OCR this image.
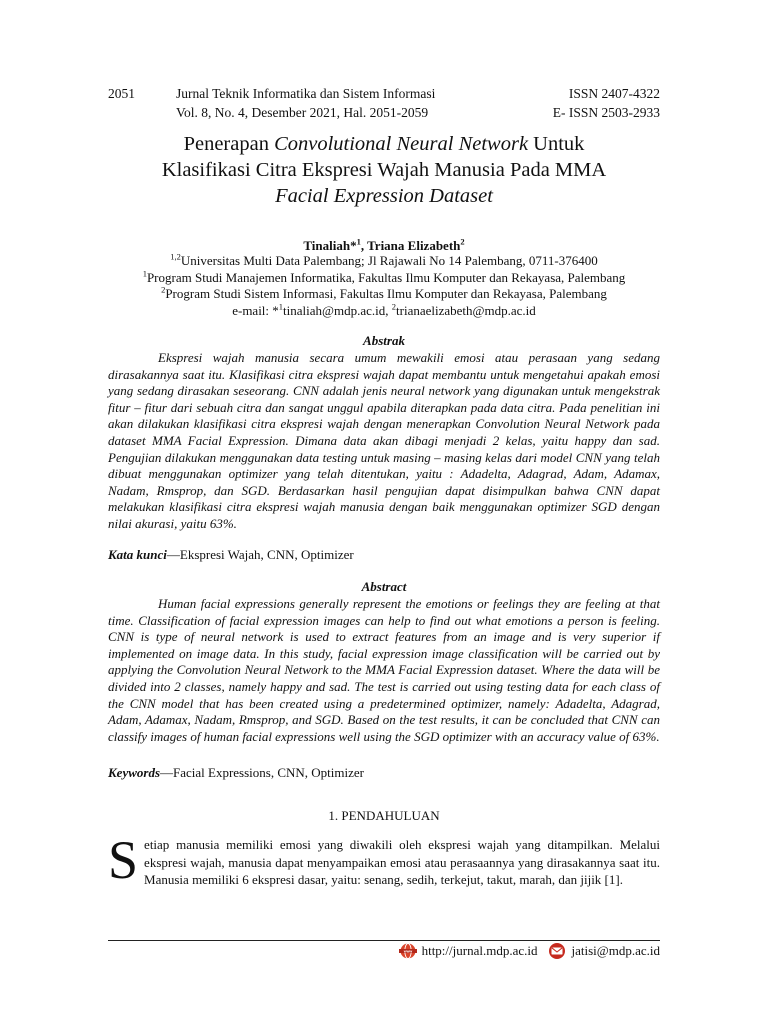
2051	Jurnal Teknik Informatika dan Sistem Informasi
Vol. 8, No. 4, Desember 2021, Hal. 2051-2059
ISSN 2407-4322
E- ISSN 2503-2933
Penerapan Convolutional Neural Network Untuk
Klasifikasi Citra Ekspresi Wajah Manusia Pada MMA
Facial Expression Dataset
Tinaliah*$^1$, Triana Elizabeth$^2$
$^{1,2}$Universitas Multi Data Palembang; Jl Rajawali No 14 Palembang, 0711-376400
$^1$Program Studi Manajemen Informatika, Fakultas Ilmu Komputer dan Rekayasa, Palembang
$^2$Program Studi Sistem Informasi, Fakultas Ilmu Komputer dan Rekayasa, Palembang
e-mail: *$^1$tinaliah@mdp.ac.id, $^2$trianaelizabeth@mdp.ac.id
Abstrak
Ekspresi wajah manusia secara umum mewakili emosi atau perasaan yang sedang dirasakannya saat itu. Klasifikasi citra ekspresi wajah dapat membantu untuk mengetahui apakah emosi yang sedang dirasakan seseorang. CNN adalah jenis neural network yang digunakan untuk mengekstrak fitur – fitur dari sebuah citra dan sangat unggul apabila diterapkan pada data citra. Pada penelitian ini akan dilakukan klasifikasi citra ekspresi wajah dengan menerapkan Convolution Neural Network pada dataset MMA Facial Expression. Dimana data akan dibagi menjadi 2 kelas, yaitu happy dan sad. Pengujian dilakukan menggunakan data testing untuk masing – masing kelas dari model CNN yang telah dibuat menggunakan optimizer yang telah ditentukan, yaitu : Adadelta, Adagrad, Adam, Adamax, Nadam, Rmsprop, dan SGD. Berdasarkan hasil pengujian dapat disimpulkan bahwa CNN dapat melakukan klasifikasi citra ekspresi wajah manusia dengan baik menggunakan optimizer SGD dengan nilai akurasi, yaitu 63%.
Kata kunci—Ekspresi Wajah, CNN, Optimizer
Abstract
Human facial expressions generally represent the emotions or feelings they are feeling at that time. Classification of facial expression images can help to find out what emotions a person is feeling. CNN is type of neural network is used to extract features from an image and is very superior if implemented on image data. In this study, facial expression image classification will be carried out by applying the Convolution Neural Network to the MMA Facial Expression dataset. Where the data will be divided into 2 classes, namely happy and sad. The test is carried out using testing data for each class of the CNN model that has been created using a predetermined optimizer, namely: Adadelta, Adagrad, Adam, Adamax, Nadam, Rmsprop, and SGD. Based on the test results, it can be concluded that CNN can classify images of human facial expressions well using the SGD optimizer with an accuracy value of 63%.
Keywords—Facial Expressions, CNN, Optimizer
1. PENDAHULUAN
Setiap manusia memiliki emosi yang diwakili oleh ekspresi wajah yang ditampilkan. Melalui ekspresi wajah, manusia dapat menyampaikan emosi atau perasaannya yang dirasakannya saat itu. Manusia memiliki 6 ekspresi dasar, yaitu: senang, sedih, terkejut, takut, marah, dan jijik [1].
www http://jurnal.mdp.ac.id	jatisi@mdp.ac.id
